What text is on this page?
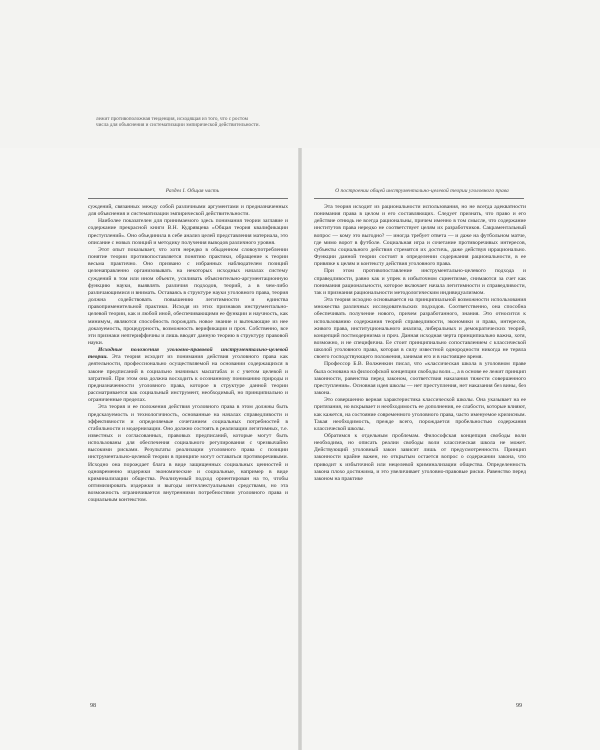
лежит противоположная тенденция, исходящая из того, что с ростом
числа для объяснения и систематизации эмпирической действительности.
Раздел I. Общая часть

суждений, связанных между собой различными аргументами и предназначенных для объяснения и систематизации эмпирической действительности.

Наиболее показателен для принимаемого здесь понимания теории заглавие и содержание прекрасной книги В.Н. Кудрявцева «Общая теория квалификации преступлений». Оно объединила в себе анализ целей представления материала, это описание с новых позиций и методику получения выводов различного уровня.

Этот опыт показывает, что хотя нередко в обыденном словоупотреблении понятие теории противопоставляется понятию практики, обращение к теории весьма практично. Оно призвано с избранных наблюдателем позиций целенаправленно организовывать на некоторых исходных началах систему суждений в том или ином объекте, усиливать объяснительно-аргументационную функцию науки, выявлять различия подходов, теорий, а в чем-либо различающимися и внимать. Оставаясь в структуре науки уголовного права, теория должна содействовать повышению легитимности и единства правоприменительной практики. Исходя из этих признаков инструментально-целевой теории, как и любой иной, обеспечивающими ее функции и научность, как минимум, являются способность порождать новое знание и вытекающие из нее доказуемость, процедурность, возможность верификации и проч. Собственно, все эти признаки непгериффичны и лишь вводят данную теорию в структуру правовой науки.

Исходные положения уголовно-правовой инструментально-целевой теории. Эта теория исходит из понимания действия уголовного права как деятельности, профессионально осуществляемой на основании содержащихся в законе предписаний в социально значимых масштабах и с учетом целевой и затратной. При этом она должна восходить к осознанному пониманию природы и предназначенности уголовного права, которое в структуре данной теории рассматривается как социальный инструмент, необходимый, но принципиально и ограниченные пределах.

Эта теория и ее положения действия уголовного права в этом должны быть предсказуемость и технологичность, основанные на началах справедливости и эффективности и определяемые сочетанием социальных потребностей в стабильности и модернизации. Оно должно состоять в реализации легитимных, т.е. известных и согласованных, правовых предписаний, которые могут быть использованы для обеспечения социального регулирования с чрезвычайно высокими рисками. Результаты реализации уголовного права с позиции инструментально-целевой теории в принципе могут оставаться противоречивыми. Исходно она порождает блага в виде защищенных социальных ценностей и одновременно издержки экономические и социальные, например в виде криминализации общества. Реализуемый подход ориентирован на то, чтобы оптимизировать издержки и выгоды интеллектуальными средствами, но эта возможность ограничивается внутренними потребностями уголовного права и социальным контекстом.

98
О построении общей инструментально-целевой теории уголовного права

Эта теория исходит из рациональности использования, но не всегда адекватности понимания права в целом и его составляющих. Следует признать, что право и его действие отнюдь не всегда рациональны, причем именно в том смысле, что содержание институтов права нередко не соответствует целям их разработчиков. Сакраментальный вопрос — кому это выгодно? — иногда требует ответа — и даже на футбольном матче, где мимо ворот в футболе. Социальная игра и сочетание противоречивых интересов, субъекты социального действия стремятся их достичь, даже действуя иррационально. Функции данной теории состоят в определении содержания рациональности, в ее привязке к целям и контексту действия уголовного права.

При этом противопоставление инструментально-целевого подхода и справедливости, равно как и упрек в избыточном сциентизме, снимаются за счет как понимания рациональности, которое включает начала легитимности и справедливости, так и признания рациональности методологическим индивидуализмом.

Эта теория исходно основывается на принципиальной возможности использования множества различных исследовательских подходов. Соответственно, она способна обеспечивать получение нового, причем разработанного, знания. Это относится к использованию содержания теорий справедливости, экономики и права, интересов, живого права, институционального анализа, либеральных и демократических теорий, концепций постмодернизма и проч. Данная исходная черта принципиально важна, хотя, возможно, и не специфична. Ее стоит принципиально сопоставлением с классической школой уголовного права, которая в силу известной однородности никогда не теряла своего господствующего положения, занимая его и в настоящее время.

Профессор Б.В. Волженкин писал, что «классическая школа в уголовном праве была основана на философской концепции свободы воли..., а в основе ее лежит принцип законности, равенства перед законом, соответствия наказания тяжести совершенного преступления». Основная идея школы — нет преступления, нет наказания без вины, без закона.

Это совершенно верная характеристика классической школы. Она указывает на ее притязания, но вскрывает и необходимость ее дополнения, ее слабости, которые влияют, как кажется, на состояние современного уголовного права, часто именуемое кризисным. Такая необходимость, прежде всего, порождается пробельностью содержания классической школы.

Обратимся к отдельным проблемам. Философская концепция свободы воли необходима, но описать реалии свободы воли классическая школа не может. Действующий уголовный закон зависит лишь от предусмотренности. Принцип законности крайне важен, но открытым остается вопрос о содержании закона, что приводит к избыточной или нецелевой криминализации общества. Определенность закона плохо достижима, и это увеличивает уголовно-правовые риски. Равенство перед законом на практике

99
